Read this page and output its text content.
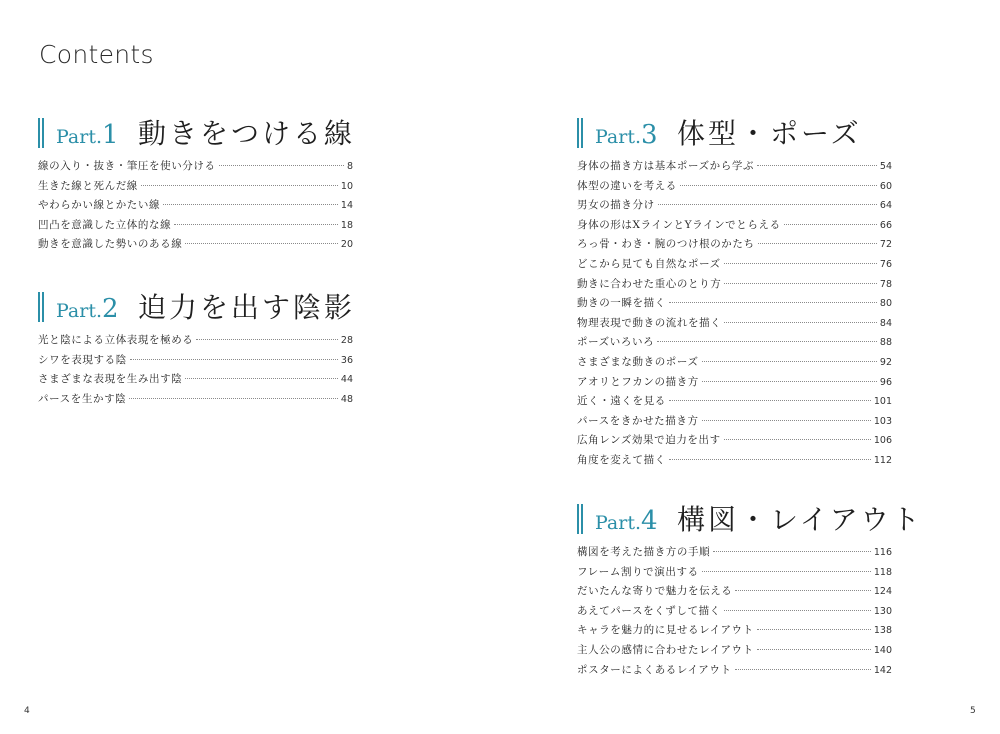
Contents
Part.1 動きをつける線
線の入り・抜き・筆圧を使い分ける	8
生きた線と死んだ線	10
やわらかい線とかたい線	14
凹凸を意識した立体的な線	18
動きを意識した勢いのある線	20
Part.2 迫力を出す陰影
光と陰による立体表現を極める	28
シワを表現する陰	36
さまざまな表現を生み出す陰	44
パースを生かす陰	48
Part.3 体型・ポーズ
身体の描き方は基本ポーズから学ぶ	54
体型の違いを考える	60
男女の描き分け	64
身体の形はXラインとYラインでとらえる	66
ろっ骨・わき・腕のつけ根のかたち	72
どこから見ても自然なポーズ	76
動きに合わせた重心のとり方	78
動きの一瞬を描く	80
物理表現で動きの流れを描く	84
ポーズいろいろ	88
さまざまな動きのポーズ	92
アオリとフカンの描き方	96
近く・遠くを見る	101
パースをきかせた描き方	103
広角レンズ効果で迫力を出す	106
角度を変えて描く	112
Part.4 構図・レイアウト
構図を考えた描き方の手順	116
フレーム割りで演出する	118
だいたんな寄りで魅力を伝える	124
あえてパースをくずして描く	130
キャラを魅力的に見せるレイアウト	138
主人公の感情に合わせたレイアウト	140
ポスターによくあるレイアウト	142
4	5
